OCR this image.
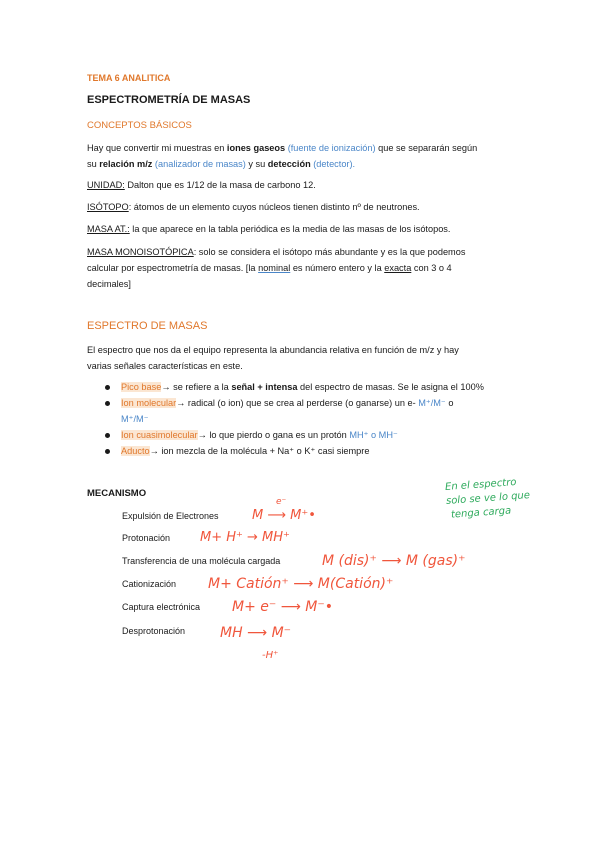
TEMA 6 ANALITICA
ESPECTROMETRÍA DE MASAS
CONCEPTOS BÁSICOS
Hay que convertir mi muestras en iones gaseos (fuente de ionización) que se separarán según
su relación m/z (analizador de masas) y su detección (detector).
UNIDAD: Dalton que es 1/12 de la masa de carbono 12.
ISÓTOPO: átomos de un elemento cuyos núcleos tienen distinto nº de neutrones.
MASA AT.: la que aparece en la tabla periódica es la media de las masas de los isótopos.
MASA MONOISOTÓPICA: solo se considera el isótopo más abundante y es la que podemos
calcular por espectrometría de masas. [la nominal es número entero y la exacta con 3 o 4
decimales]
ESPECTRO DE MASAS
El espectro que nos da el equipo representa la abundancia relativa en función de m/z y hay
varias señales características en este.
Pico base→ se refiere a la señal + intensa del espectro de masas. Se le asigna el 100%
Ion molecular→ radical (o ion) que se crea al perderse (o ganarse) un e- M⁺/M⁻ o
M⁺/M⁻
Ion cuasimolecular→ lo que pierdo o gana es un protón MH⁺ o MH⁻
Aducto→ ion mezcla de la molécula + Na⁺ o K⁺ casi siempre
MECANISMO
En el espectro
solo se ve lo que
tenga carga
Expulsión de Electrones
e⁻
M ⟶ M⁺•
Protonación M+ H⁺ → MH⁺
Transferencia de una molécula cargada	M (dis)⁺ ⟶ M (gas)⁺
Cationización M+ Catión⁺ ⟶ M(Catión)⁺
Captura electrónica M+ e⁻ ⟶ M⁻•
Desprotonación MH ⟶ M⁻
-H⁺
